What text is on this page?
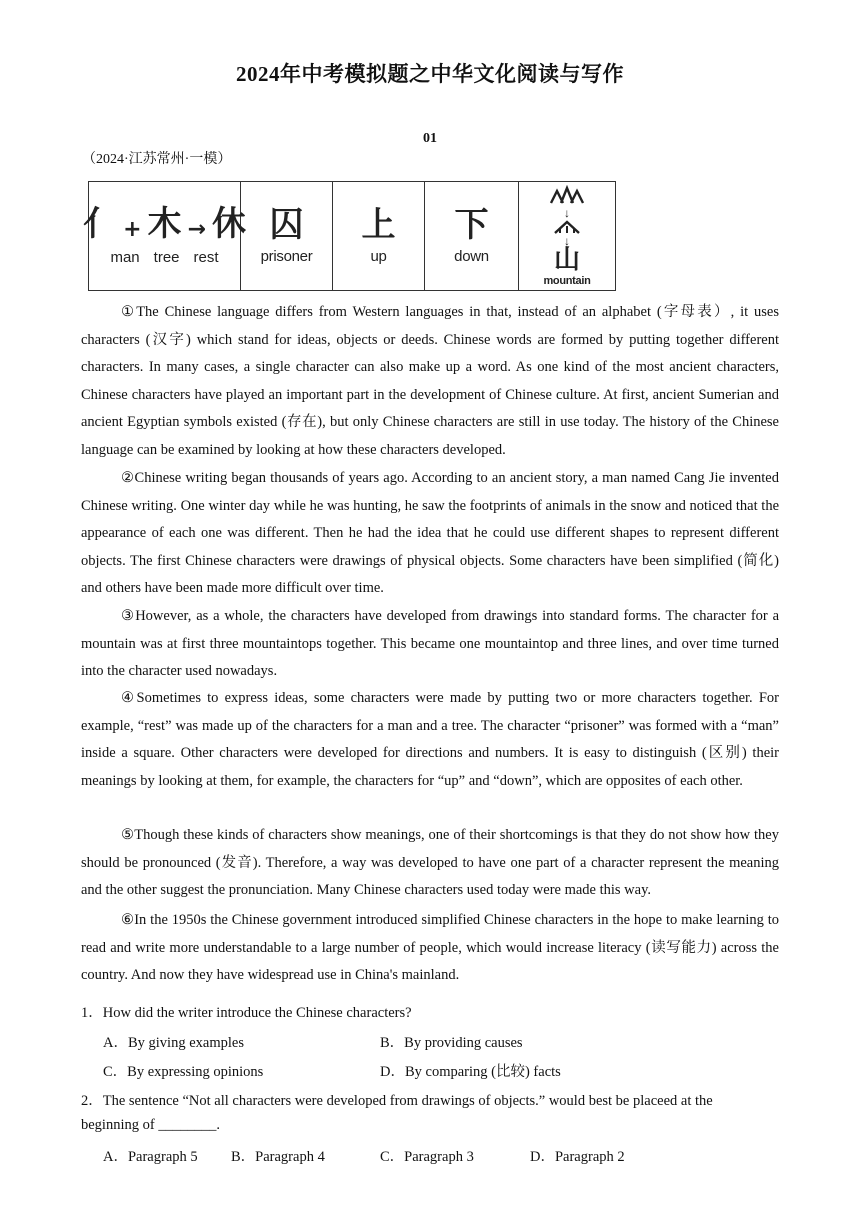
2024年中考模拟题之中华文化阅读与写作
01
（2024·江苏常州·一模）
亻 + 木 → 休
man tree rest
囚
prisoner
上
up
下
down
↓
↓
山
mountain

①The Chinese language differs from Western languages in that, instead of an alphabet (字母表）, it uses characters (汉字) which stand for ideas, objects or deeds. Chinese words are formed by putting together different characters. In many cases, a single character can also make up a word. As one kind of the most ancient characters, Chinese characters have played an important part in the development of Chinese culture. At first, ancient Sumerian and ancient Egyptian symbols existed (存在), but only Chinese characters are still in use today. The history of the Chinese language can be examined by looking at how these characters developed.

②Chinese writing began thousands of years ago. According to an ancient story, a man named Cang Jie invented Chinese writing. One winter day while he was hunting, he saw the footprints of animals in the snow and noticed that the appearance of each one was different. Then he had the idea that he could use different shapes to represent different objects. The first Chinese characters were drawings of physical objects. Some characters have been simplified (简化) and others have been made more difficult over time.

③However, as a whole, the characters have developed from drawings into standard forms. The character for a mountain was at first three mountaintops together. This became one mountaintop and three lines, and over time turned into the character used nowadays.

④Sometimes to express ideas, some characters were made by putting two or more characters together. For example, “rest” was made up of the characters for a man and a tree. The character “prisoner” was formed with a “man” inside a square. Other characters were developed for directions and numbers. It is easy to distinguish (区别) their meanings by looking at them, for example, the characters for “up” and “down”, which are opposites of each other.

⑤Though these kinds of characters show meanings, one of their shortcomings is that they do not show how they should be pronounced (发音). Therefore, a way was developed to have one part of a character represent the meaning and the other suggest the pronunciation. Many Chinese characters used today were made this way.

⑥In the 1950s the Chinese government introduced simplified Chinese characters in the hope to make learning to read and write more understandable to a large number of people, which would increase literacy (读写能力) across the country. And now they have widespread use in China's mainland.

1．How did the writer introduce the Chinese characters?

A．By giving examples	B．By providing causes
C．By expressing opinions	D．By comparing (比较) facts

2．The sentence “Not all characters were developed from drawings of objects.” would best be placeed at the

beginning of ________.

A．Paragraph 5 B．Paragraph 4	C．Paragraph 3	D．Paragraph 2
